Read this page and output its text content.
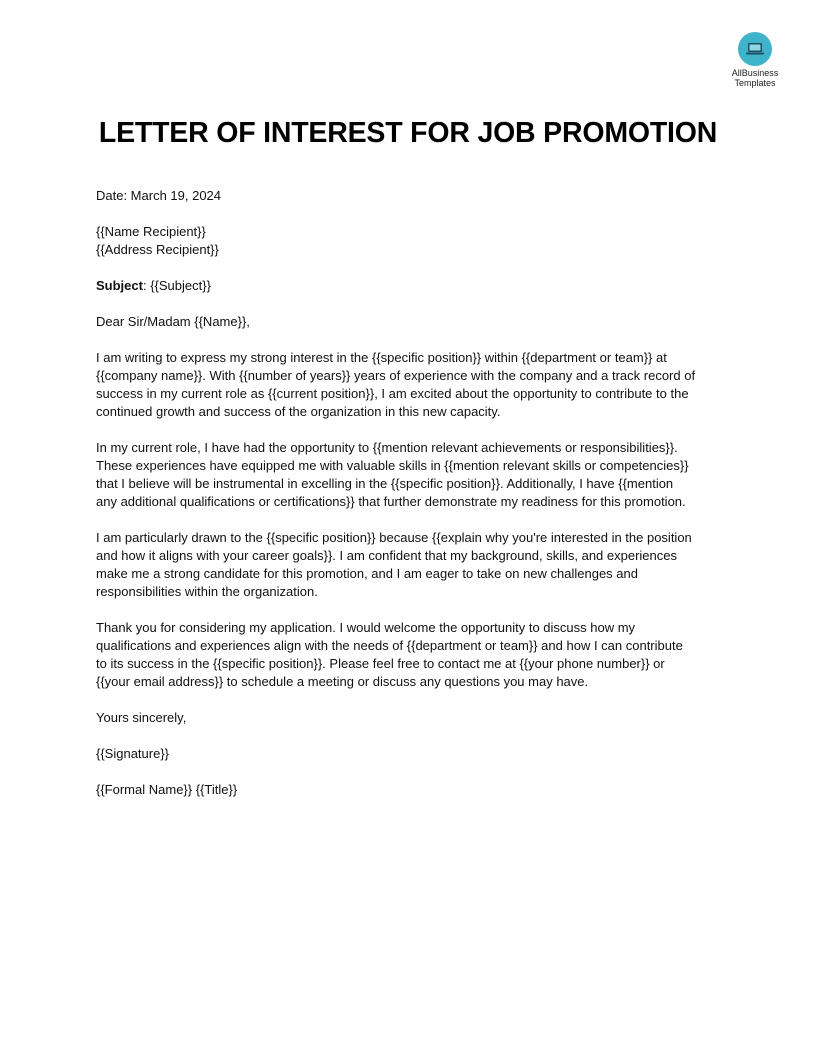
AllBusiness
Templates
LETTER OF INTEREST FOR JOB PROMOTION
Date: March 19, 2024
{{Name Recipient}}
{{Address Recipient}}
Subject: {{Subject}}
Dear Sir/Madam {{Name}},
I am writing to express my strong interest in the {{specific position}} within {{department or team}} at
{{company name}}. With {{number of years}} years of experience with the company and a track record of
success in my current role as {{current position}}, I am excited about the opportunity to contribute to the
continued growth and success of the organization in this new capacity.
In my current role, I have had the opportunity to {{mention relevant achievements or responsibilities}}.
These experiences have equipped me with valuable skills in {{mention relevant skills or competencies}}
that I believe will be instrumental in excelling in the {{specific position}}. Additionally, I have {{mention
any additional qualifications or certifications}} that further demonstrate my readiness for this promotion.
I am particularly drawn to the {{specific position}} because {{explain why you're interested in the position
and how it aligns with your career goals}}. I am confident that my background, skills, and experiences
make me a strong candidate for this promotion, and I am eager to take on new challenges and
responsibilities within the organization.
Thank you for considering my application. I would welcome the opportunity to discuss how my
qualifications and experiences align with the needs of {{department or team}} and how I can contribute
to its success in the {{specific position}}. Please feel free to contact me at {{your phone number}} or
{{your email address}} to schedule a meeting or discuss any questions you may have.
Yours sincerely,
{{Signature}}
{{Formal Name}} {{Title}}
